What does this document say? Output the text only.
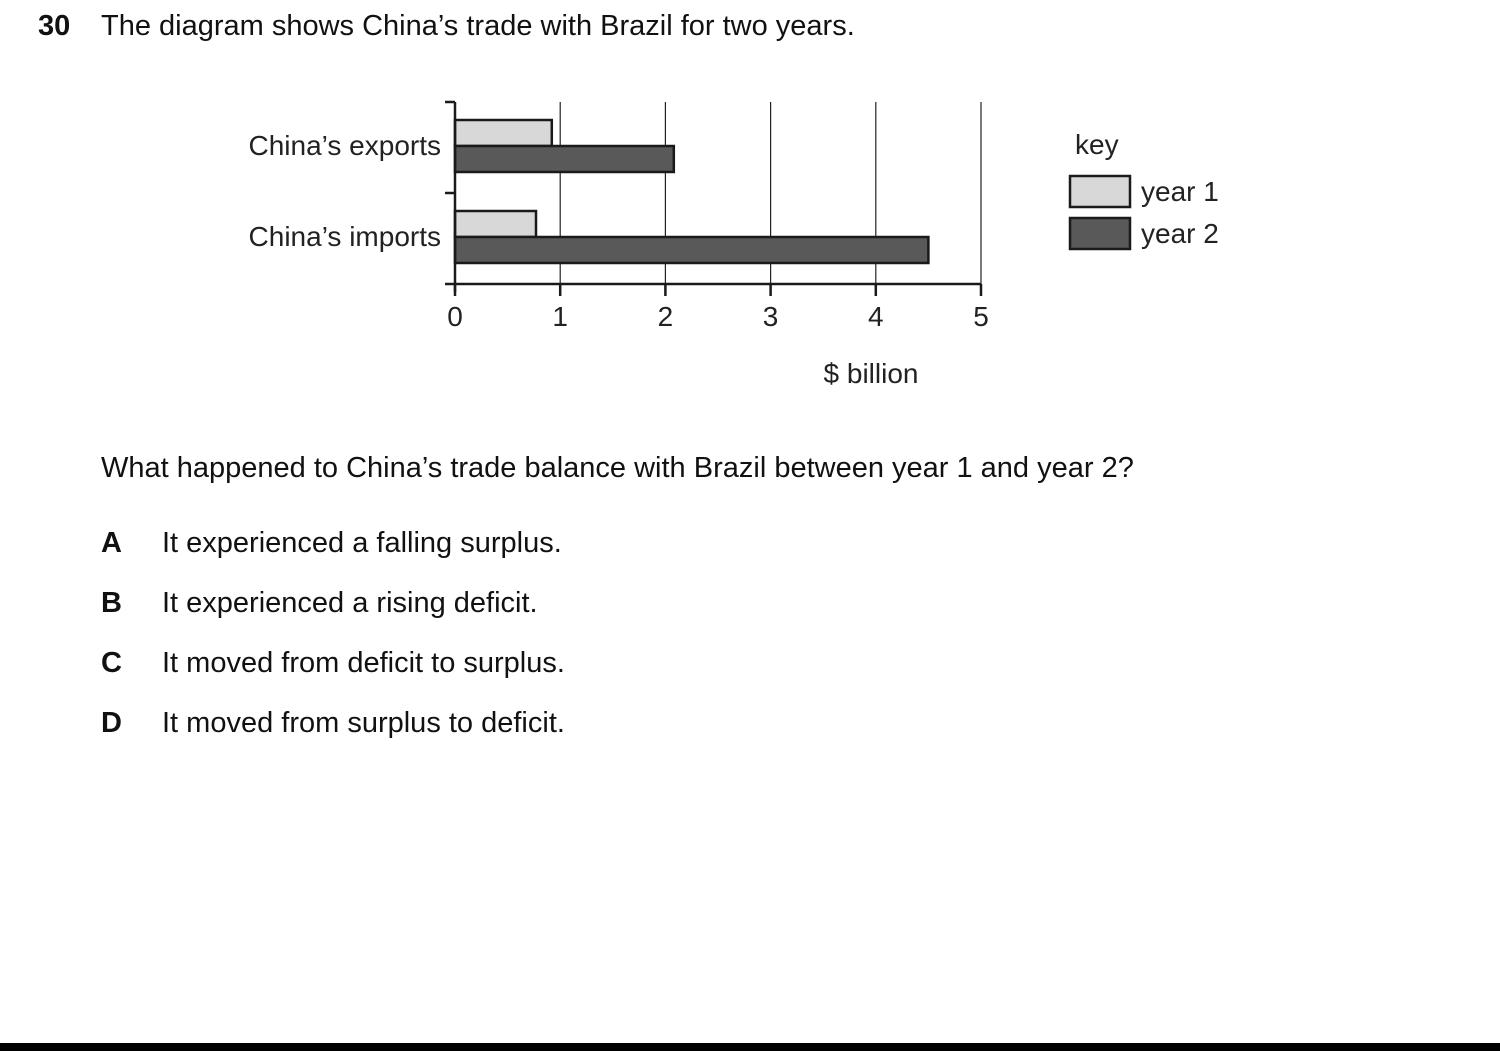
30 The diagram shows China’s trade with Brazil for two years.
0	1	2	3	4	5
China’s exports
China’s imports
$ billion
key
year 1
year 2
What happened to China’s trade balance with Brazil between year 1 and year 2?
A It experienced a falling surplus.
B It experienced a rising deficit.
C It moved from deficit to surplus.
D It moved from surplus to deficit.
